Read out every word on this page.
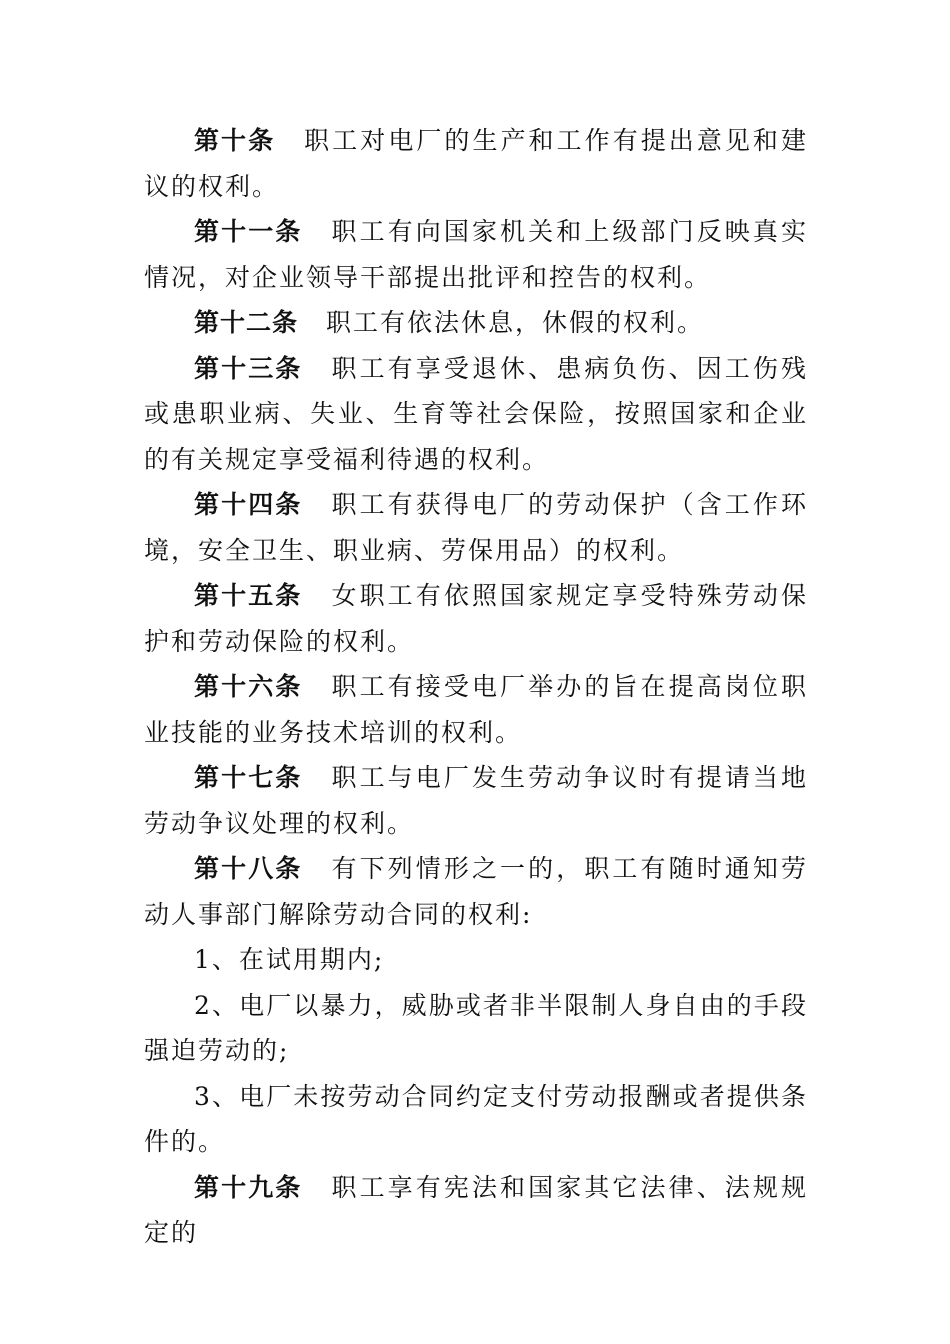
第十条 职工对电厂的生产和工作有提出意见和建议的权利。

第十一条 职工有向国家机关和上级部门反映真实情况，对企业领导干部提出批评和控告的权利。

第十二条 职工有依法休息，休假的权利。

第十三条 职工有享受退休、患病负伤、因工伤残或患职业病、失业、生育等社会保险，按照国家和企业的有关规定享受福利待遇的权利。

第十四条 职工有获得电厂的劳动保护（含工作环境，安全卫生、职业病、劳保用品）的权利。

第十五条 女职工有依照国家规定享受特殊劳动保护和劳动保险的权利。

第十六条 职工有接受电厂举办的旨在提高岗位职业技能的业务技术培训的权利。

第十七条 职工与电厂发生劳动争议时有提请当地劳动争议处理的权利。

第十八条 有下列情形之一的，职工有随时通知劳动人事部门解除劳动合同的权利:

1、在试用期内;

2、电厂以暴力，威胁或者非半限制人身自由的手段强迫劳动的;

3、电厂未按劳动合同约定支付劳动报酬或者提供条件的。

第十九条 职工享有宪法和国家其它法律、法规规定的
